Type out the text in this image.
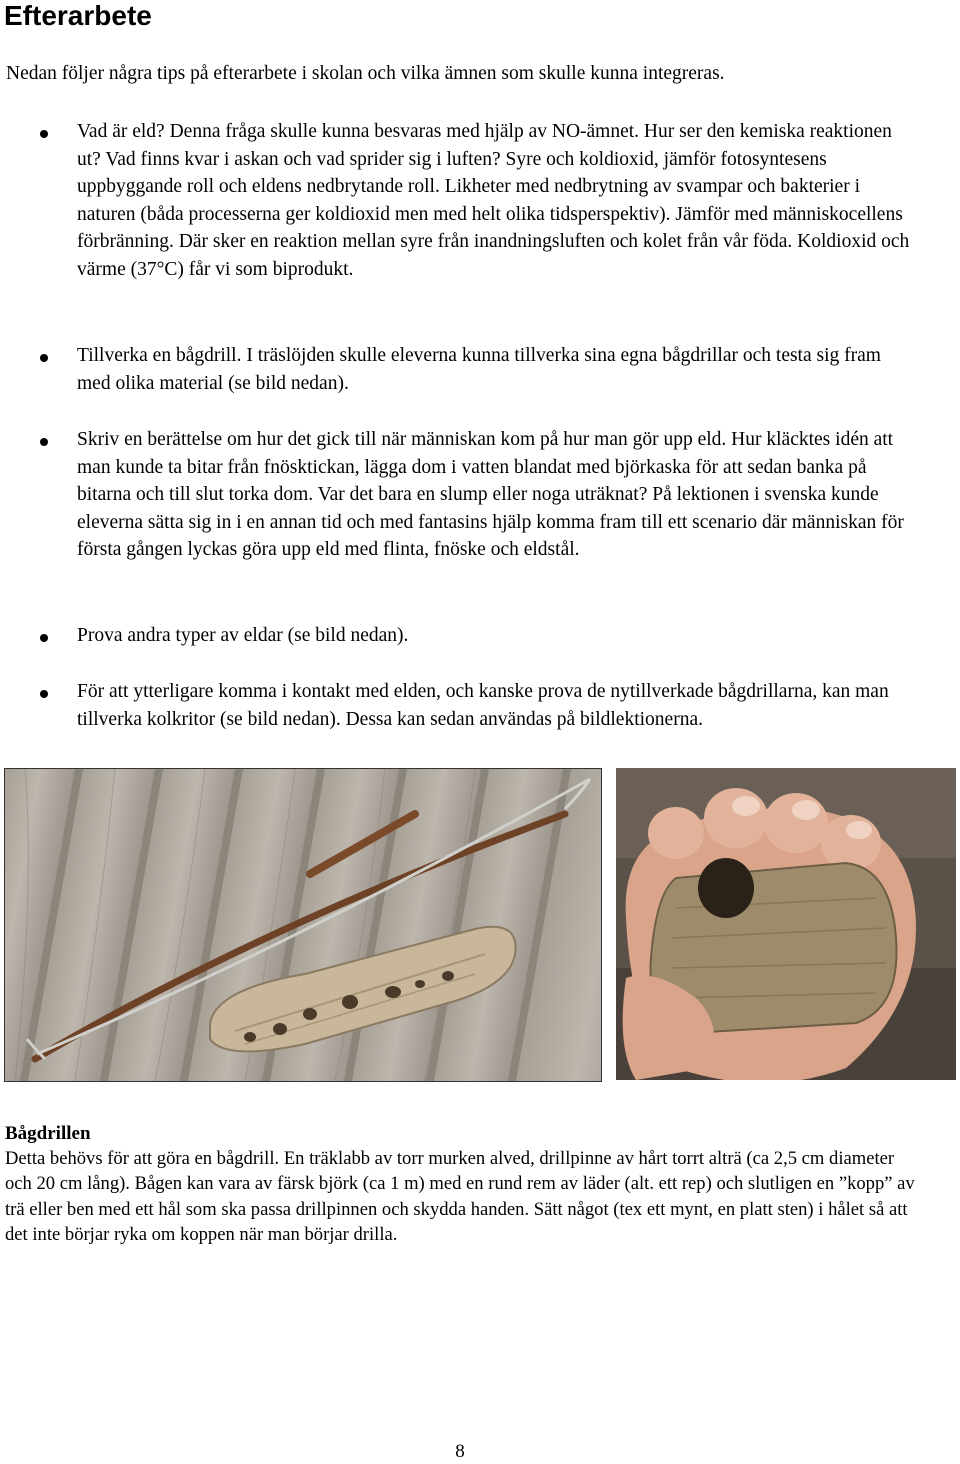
Efterarbete

Nedan följer några tips på efterarbete i skolan och vilka ämnen som skulle kunna integreras.

Vad är eld? Denna fråga skulle kunna besvaras med hjälp av NO-ämnet. Hur ser den kemiska reaktionen ut? Vad finns kvar i askan och vad sprider sig i luften? Syre och koldioxid, jämför fotosyntesens uppbyggande roll och eldens nedbrytande roll. Likheter med nedbrytning av svampar och bakterier i naturen (båda processerna ger koldioxid men med helt olika tidsperspektiv). Jämför med människocellens förbränning. Där sker en reaktion mellan syre från inandningsluften och kolet från vår föda. Koldioxid och värme (37°C) får vi som biprodukt.
Tillverka en bågdrill. I träslöjden skulle eleverna kunna tillverka sina egna bågdrillar och testa sig fram med olika material (se bild nedan).
Skriv en berättelse om hur det gick till när människan kom på hur man gör upp eld. Hur kläcktes idén att man kunde ta bitar från fnösktickan, lägga dom i vatten blandat med björkaska för att sedan banka på bitarna och till slut torka dom. Var det bara en slump eller noga uträknat? På lektionen i svenska kunde eleverna sätta sig in i en annan tid och med fantasins hjälp komma fram till ett scenario där människan för första gången lyckas göra upp eld med flinta, fnöske och eldstål.
Prova andra typer av eldar (se bild nedan).
För att ytterligare komma i kontakt med elden, och kanske prova de nytillverkade bågdrillarna, kan man tillverka kolkritor (se bild nedan). Dessa kan sedan användas på bildlektionerna.
Bågdrillen

Detta behövs för att göra en bågdrill. En träklabb av torr murken alved, drillpinne av hårt torrt alträ (ca 2,5 cm diameter och 20 cm lång). Bågen kan vara av färsk björk (ca 1 m) med en rund rem av läder (alt. ett rep) och slutligen en ”kopp” av trä eller ben med ett hål som ska passa drillpinnen och skydda handen. Sätt något (tex ett mynt, en platt sten) i hålet så att det inte börjar ryka om koppen när man börjar drilla.

8
